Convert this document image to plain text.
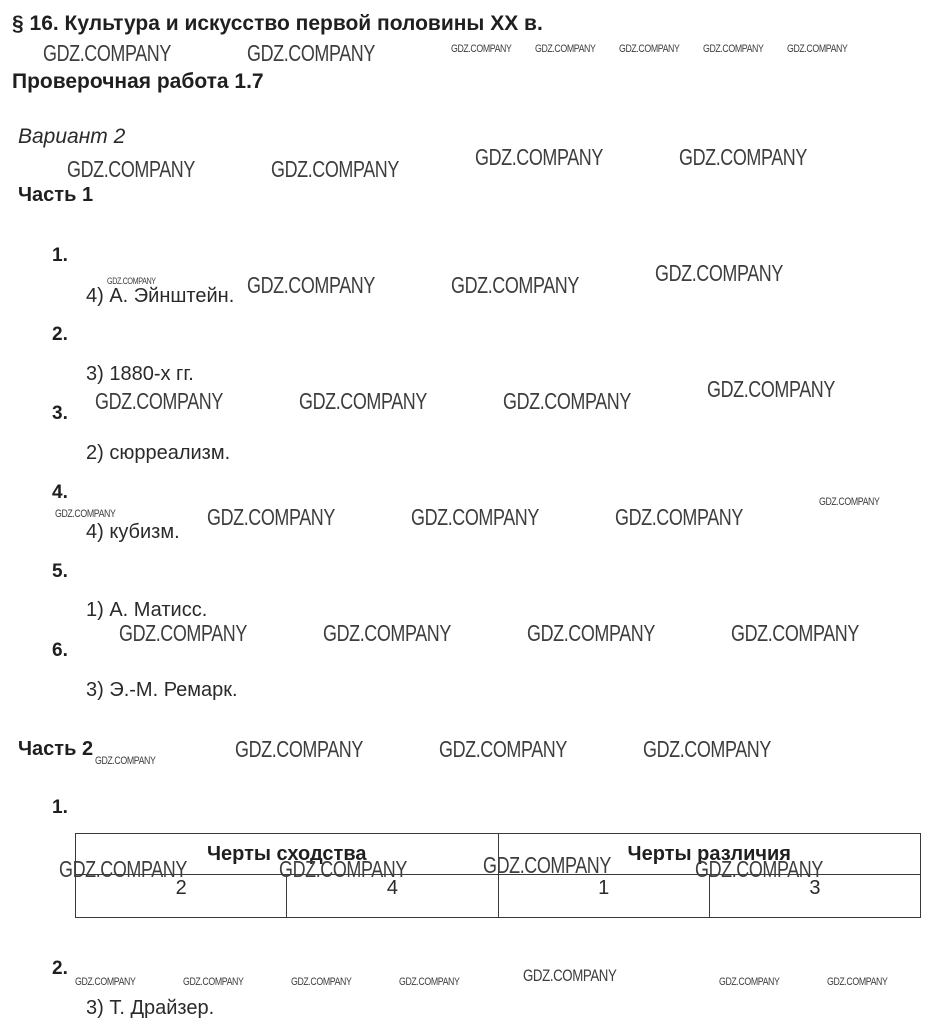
§ 16. Культура и искусство первой половины XX в.
Проверочная работа 1.7
Вариант 2
Часть 1
1.
4) А. Эйнштейн.
2.
3) 1880-х гг.
3.
2) сюрреализм.
4.
4) кубизм.
5.
1) А. Матисс.
6.
3) Э.-М. Ремарк.
Часть 2
1.
Черты сходства		Черты различия	
2	4	1	3
2.
3) Т. Драйзер.
GDZ.COMPANY	GDZ.COMPANY
GDZ.COMPANY	GDZ.COMPANY	GDZ.COMPANY	GDZ.COMPANY
GDZ.COMPANY	GDZ.COMPANY	GDZ.COMPANY
GDZ.COMPANY	GDZ.COMPANY	GDZ.COMPANY	GDZ.COMPANY
GDZ.COMPANY	GDZ.COMPANY	GDZ.COMPANY
GDZ.COMPANY	GDZ.COMPANY	GDZ.COMPANY	GDZ.COMPANY
GDZ.COMPANY	GDZ.COMPANY	GDZ.COMPANY
GDZ.COMPANY	GDZ.COMPANY	GDZ.COMPANY	GDZ.COMPANY
GDZ.COMPANY
GDZ.COMPANY GDZ.COMPANY GDZ.COMPANY GDZ.COMPANY GDZ.COMPANY
GDZ.COMPANY
GDZ.COMPANY
GDZ.COMPANY
GDZ.COMPANY
GDZ.COMPANY	GDZ.COMPANY	GDZ.COMPANY	GDZ.COMPANY	GDZ.COMPANY	GDZ.COMPANY
